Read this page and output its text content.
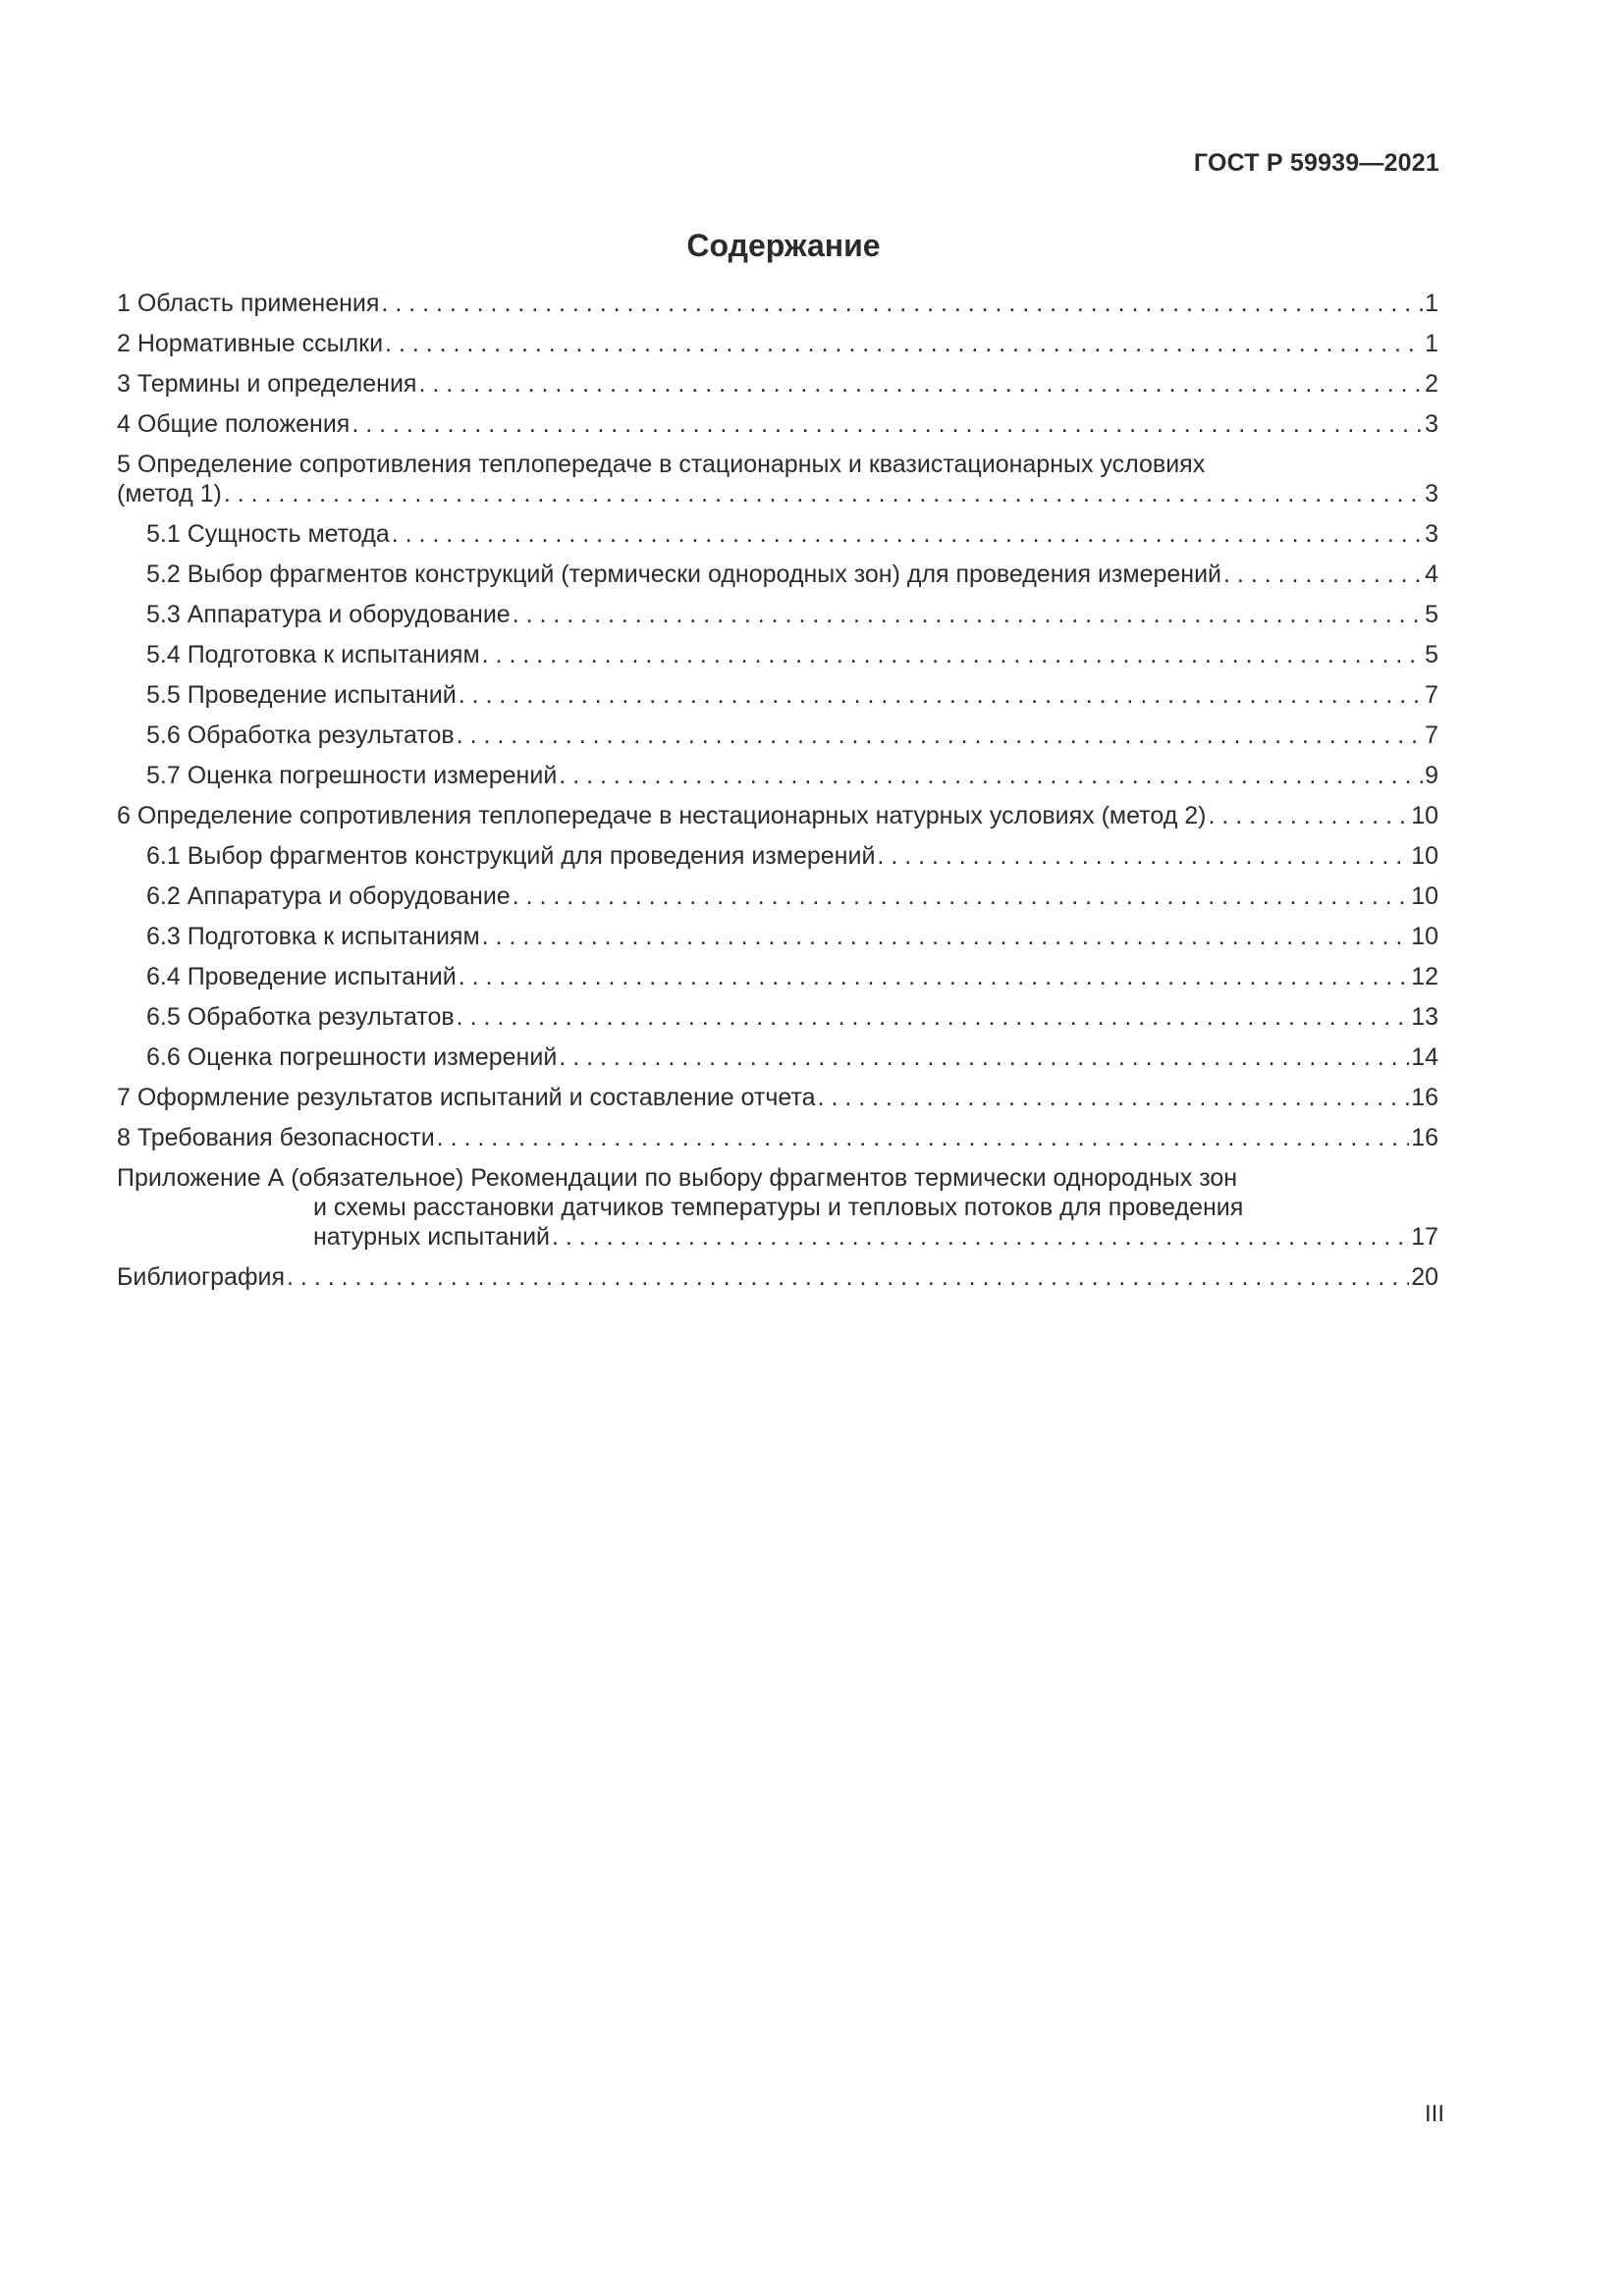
ГОСТ Р 59939—2021
Содержание
1 Область применения . . .	1
2 Нормативные ссылки . . .	1
3 Термины и определения . . .	2
4 Общие положения . . .	3
5 Определение сопротивления теплопередаче в стационарных и квазистационарных условиях
(метод 1) . . .	3
5.1 Сущность метода . . .	3
5.2 Выбор фрагментов конструкций (термически однородных зон) для проведения измерений . . .	4
5.3 Аппаратура и оборудование . . .	5
5.4 Подготовка к испытаниям . . .	5
5.5 Проведение испытаний . . .	7
5.6 Обработка результатов . . .	7
5.7 Оценка погрешности измерений . . .	9
6 Определение сопротивления теплопередаче в нестационарных натурных условиях (метод 2) . . .	10
6.1 Выбор фрагментов конструкций для проведения измерений . . .	10
6.2 Аппаратура и оборудование . . .	10
6.3 Подготовка к испытаниям . . .	10
6.4 Проведение испытаний . . .	12
6.5 Обработка результатов . . .	13
6.6 Оценка погрешности измерений . . .	14
7 Оформление результатов испытаний и составление отчета . . .	16
8 Требования безопасности . . .	16
Приложение А (обязательное) Рекомендации по выбору фрагментов термически однородных зон
и схемы расстановки датчиков температуры и тепловых потоков для проведения
натурных испытаний . . .	17
Библиография . . .	20
III
